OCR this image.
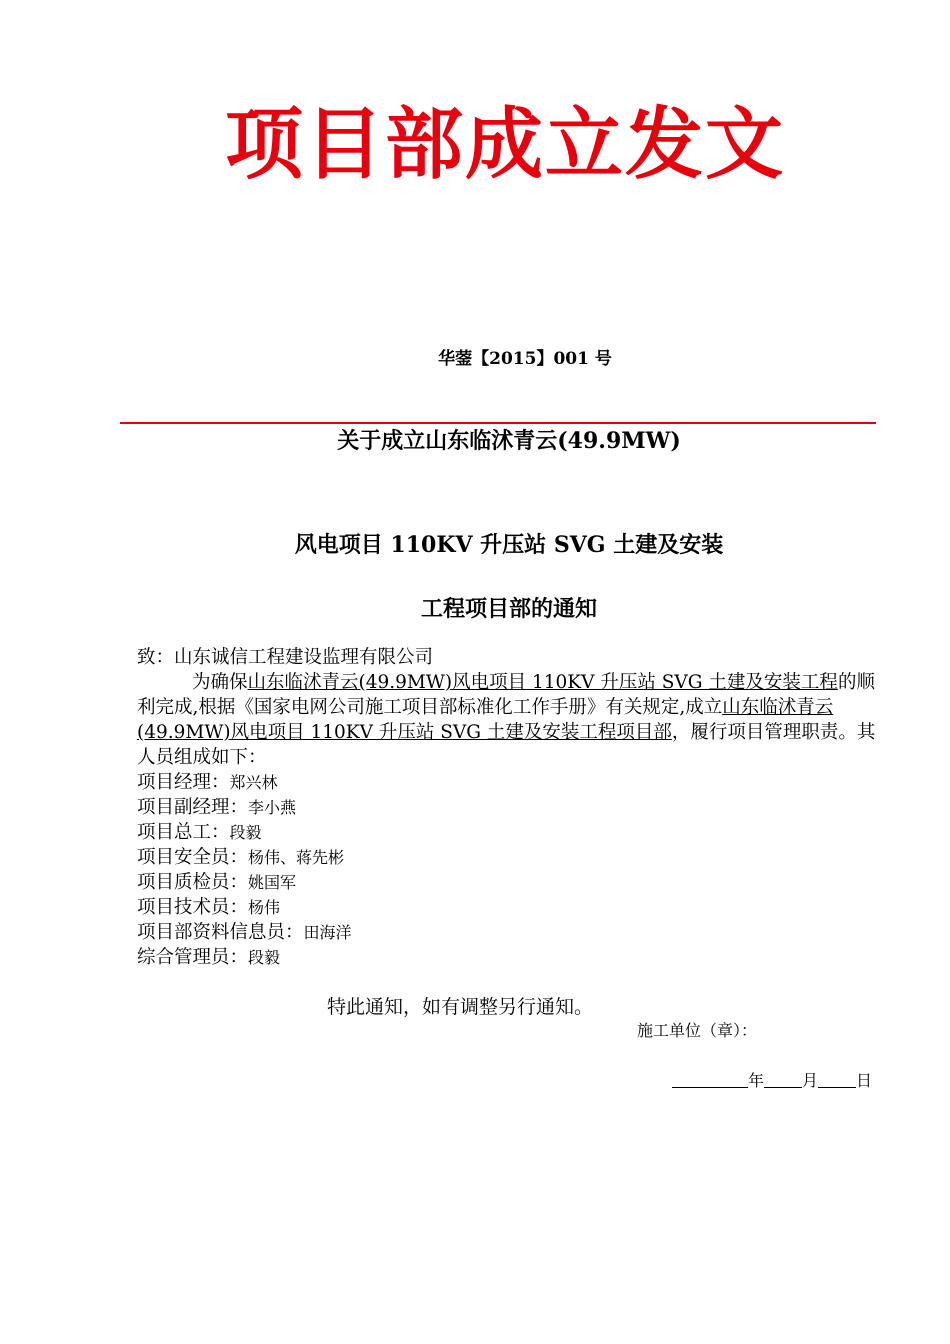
项目部成立发文
华蓥【2015】001 号
关于成立山东临沭青云(49.9MW)
风电项目 110KV 升压站 SVG 土建及安装
工程项目部的通知

致：山东诚信工程建设监理有限公司

为确保山东临沭青云(49.9MW)风电项目 110KV 升压站 SVG 土建及安装工程的顺利完成,根据《国家电网公司施工项目部标准化工作手册》有关规定,成立山东临沭青云(49.9MW)风电项目 110KV 升压站 SVG 土建及安装工程项目部，履行项目管理职责。其人员组成如下：

项目经理：郑兴林

项目副经理：李小燕

项目总工：段毅

项目安全员：杨伟、蒋先彬

项目质检员：姚国军

项目技术员：杨伟

项目部资料信息员：田海洋

综合管理员：段毅

特此通知，如有调整另行通知。
施工单位（章）：
年 月 日
